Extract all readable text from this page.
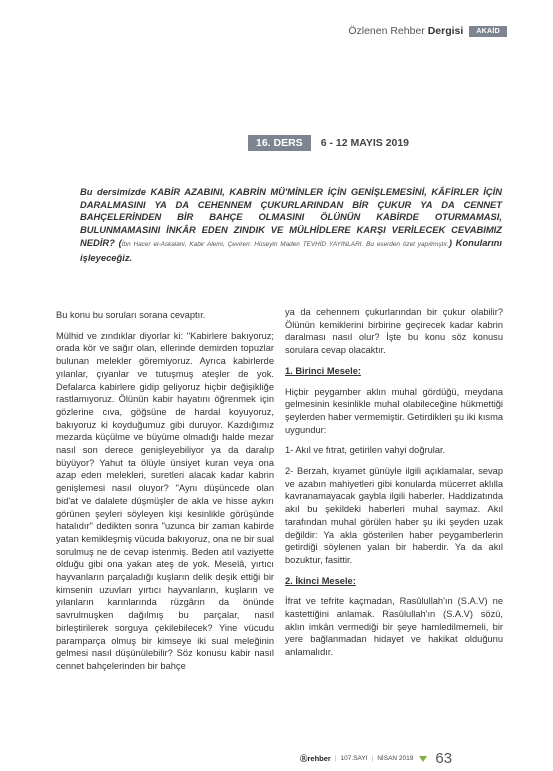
Özlenen Rehber Dergisi	AKAİD
16. DERS	6 - 12 MAYIS 2019
Bu dersimizde KABİR AZABINI, KABRİN MÜ'MİNLER İÇİN GENİŞLEMESİNİ, KÂFİRLER İÇİN DARALMASINI YA DA CEHENNEM ÇUKURLARINDAN BİR ÇUKUR YA DA CENNET BAHÇELERİNDEN BİR BAHÇE OLMASINI ÖLÜNÜN KABİRDE OTURMAMASI, BULUNMAMASINI İNKÂR EDEN ZINDIK VE MÜLHİDLERE KARŞI VERİLECEK CEVABIMIZ NEDİR? (İbn Hacer el-Askalani, Kabir Alemi, Çeviren: Hüseyin Maden TEVHİD YAYINLARI. Bu eserden özet yapılmıştır.) Konularını işleyeceğiz.

Bu konu bu soruları sorana cevaptır.

Mülhid ve zındıklar diyorlar ki: "Kabirlere bakıyoruz; orada kör ve sağır olan, ellerinde demirden topuzlar bulunan melekler göremiyoruz. Ayrıca kabirlerde yılanlar, çıyanlar ve tutuşmuş ateşler de yok. Defalarca kabirlere gidip geliyoruz hiçbir değişikliğe rastlamıyoruz. Ölünün kabir hayatını öğrenmek için gözlerine cıva, göğsüne de hardal koyuyoruz, bakıyoruz ki koyduğumuz gibi duruyor. Kazdığımız mezarda küçülme ve büyüme olmadığı halde mezar nasıl son derece genişleyebiliyor ya da daralıp büyüyor? Yahut ta ölüyle ünsiyet kuran veya ona azap eden melekleri, suretleri alacak kadar kabrin genişlemesi nasıl oluyor? "Aynı düşüncede olan bid'at ve dalalete düşmüşler de akla ve hisse aykırı görünen şeyleri söyleyen kişi kesinlikle görüşünde hatalıdır" dedikten sonra "uzunca bir zaman kabirde yatan kemikleşmiş vücuda bakıyoruz, ona ne bir sual sorulmuş ne de cevap istenmiş. Beden atıl vaziyette olduğu gibi ona yakan ateş de yok. Meselâ, yırtıcı hayvanların parçaladığı kuşların delik deşik ettiği bir kimsenin uzuvları yırtıcı hayvanların, kuşların ve yılanların karınlarında rüzgârın da önünde savrulmuşken dağılmış bu parçalar, nasıl birleştirilerek sorguya çekilebilecek? Yine vücudu paramparça olmuş bir kimseye iki sual meleğinin gelmesi nasıl düşünülebilir? Söz konusu kabir nasıl cennet bahçelerinden bir bahçe

ya da cehennem çukurlarından bir çukur olabilir? Ölünün kemiklerini birbirine geçirecek kadar kabrin daralması nasıl olur? İşte bu konu söz konusu sorulara cevap olacaktır.

1. Birinci Mesele:

Hiçbir peygamber aklın muhal gördüğü, meydana gelmesinin kesinlikle muhal olabileceğine hükmettiği şeylerden haber vermemiştir. Getirdikleri şu iki kısma uygundur:

1- Akıl ve fıtrat, getirilen vahyi doğrular.

2- Berzah, kıyamet günüyle ilgili açıklamalar, sevap ve azabın mahiyetleri gibi konularda mücerret aklılla kavranamayacak gaybla ilgili haberler. Haddizatında akıl bu şekildeki haberleri muhal saymaz. Akıl tarafından muhal görülen haber şu iki şeyden uzak değildir: Ya akla gösterilen haber peygamberlerin getirdiği söylenen yalan bir haberdir. Ya da akıl bozuktur, fasittir.

2. İkinci Mesele:

İfrat ve tefrite kaçmadan, Rasûlullah'ın (S.A.V) ne kastettiğini anlamak. Rasûlullah'ın (S.A.V) sözü, aklın imkân vermediği bir şeye hamledilmemeli, bir yere bağlanmadan hidayet ve hakikat olduğunu anlamalıdır.

Ⓡrehber | 107.SAYI | NİSAN 2019 63
